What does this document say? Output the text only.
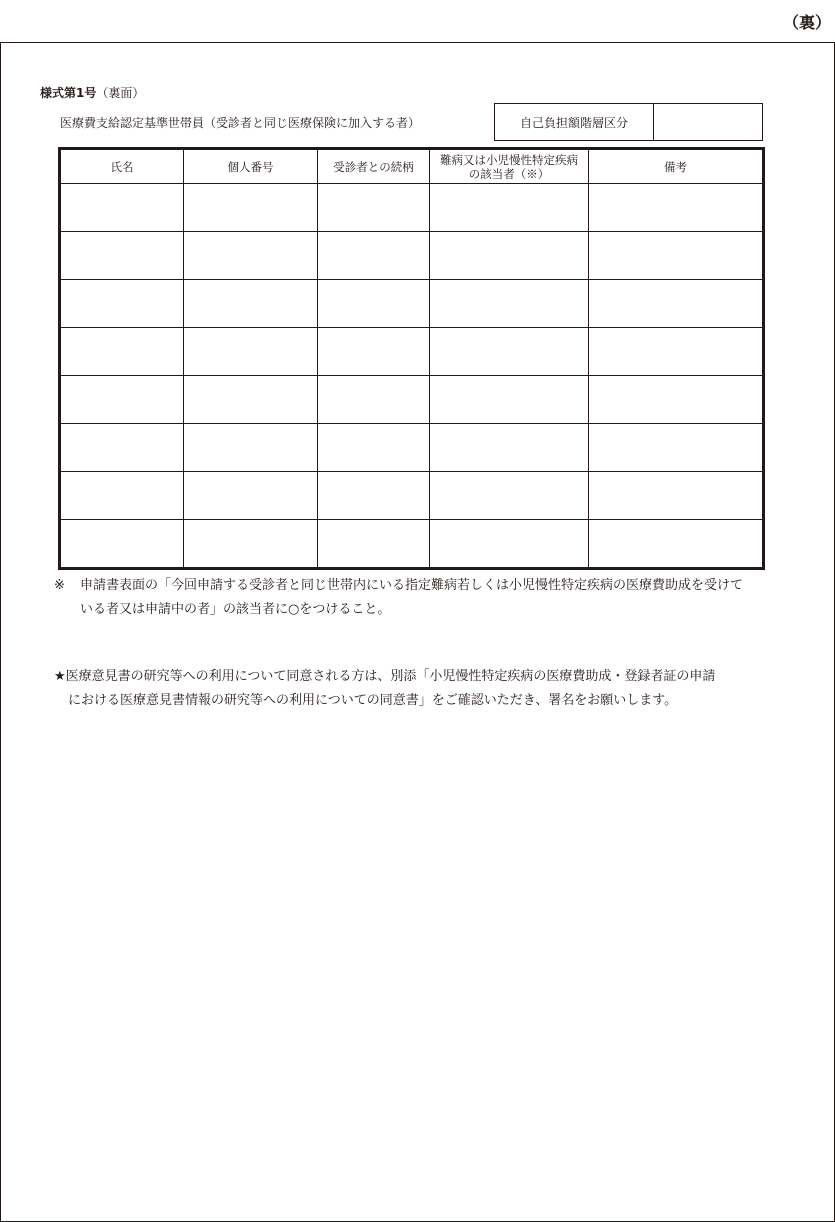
（裏）
様式第1号（裏面）
医療費支給認定基準世帯員（受診者と同じ医療保険に加入する者）	自己負担額階層区分
氏名	個人番号	受診者との続柄	難病又は小児慢性特定疾病の該当者（※）	備考

※ 申請書表面の「今回申請する受診者と同じ世帯内にいる指定難病若しくは小児慢性特定疾病の医療費助成を受けて
いる者又は申請中の者」の該当者に○をつけること。
★医療意見書の研究等への利用について同意される方は、別添「小児慢性特定疾病の医療費助成・登録者証の申請
における医療意見書情報の研究等への利用についての同意書」をご確認いただき、署名をお願いします。
